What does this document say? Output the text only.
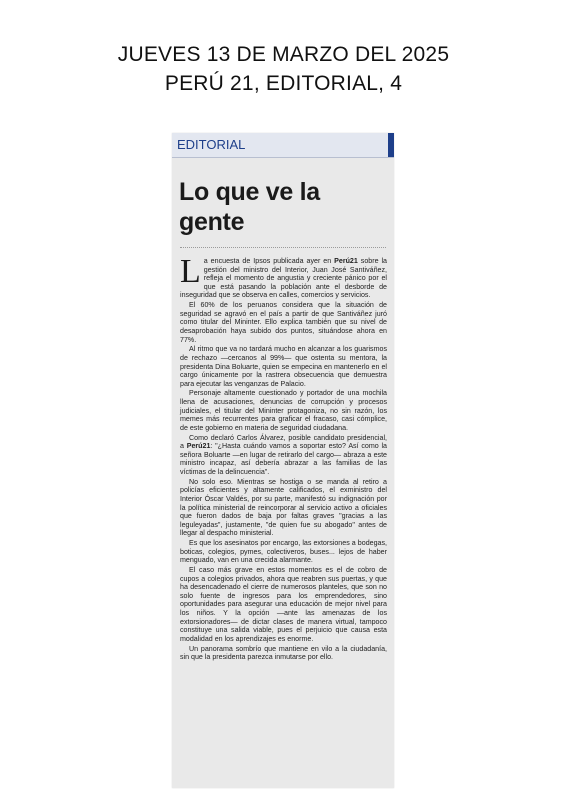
JUEVES 13 DE MARZO DEL 2025
PERÚ 21, EDITORIAL, 4
EDITORIAL
Lo que ve la gente

La encuesta de Ipsos publicada ayer en Perú21 sobre la gestión del ministro del Interior, Juan José Santiváñez, refleja el momento de angustia y creciente pánico por el que está pasando la población ante el desborde de inseguridad que se observa en calles, comercios y servicios.

El 60% de los peruanos considera que la situación de seguridad se agravó en el país a partir de que Santiváñez juró como titular del Mininter. Ello explica también que su nivel de desaprobación haya subido dos puntos, situándose ahora en 77%.

Al ritmo que va no tardará mucho en alcanzar a los guarismos de rechazo —cercanos al 99%— que ostenta su mentora, la presidenta Dina Boluarte, quien se empecina en mantenerlo en el cargo únicamente por la rastrera obsecuencia que demuestra para ejecutar las venganzas de Palacio.

Personaje altamente cuestionado y portador de una mochila llena de acusaciones, denuncias de corrupción y procesos judiciales, el titular del Mininter protagoniza, no sin razón, los memes más recurrentes para graficar el fracaso, casi cómplice, de este gobierno en materia de seguridad ciudadana.

Como declaró Carlos Álvarez, posible candidato presidencial, a Perú21: "¿Hasta cuándo vamos a soportar esto? Así como la señora Boluarte —en lugar de retirarlo del cargo— abraza a este ministro incapaz, así debería abrazar a las familias de las víctimas de la delincuencia".

No solo eso. Mientras se hostiga o se manda al retiro a policías eficientes y altamente calificados, el exministro del Interior Óscar Valdés, por su parte, manifestó su indignación por la política ministerial de reincorporar al servicio activo a oficiales que fueron dados de baja por faltas graves "gracias a las leguleyadas", justamente, "de quien fue su abogado" antes de llegar al despacho ministerial.

Es que los asesinatos por encargo, las extorsiones a bodegas, boticas, colegios, pymes, colectiveros, buses... lejos de haber menguado, van en una crecida alarmante.

El caso más grave en estos momentos es el de cobro de cupos a colegios privados, ahora que reabren sus puertas, y que ha desencadenado el cierre de numerosos planteles, que son no solo fuente de ingresos para los emprendedores, sino oportunidades para asegurar una educación de mejor nivel para los niños. Y la opción —ante las amenazas de los extorsionadores— de dictar clases de manera virtual, tampoco constituye una salida viable, pues el perjuicio que causa esta modalidad en los aprendizajes es enorme.

Un panorama sombrío que mantiene en vilo a la ciudadanía, sin que la presidenta parezca inmutarse por ello.
